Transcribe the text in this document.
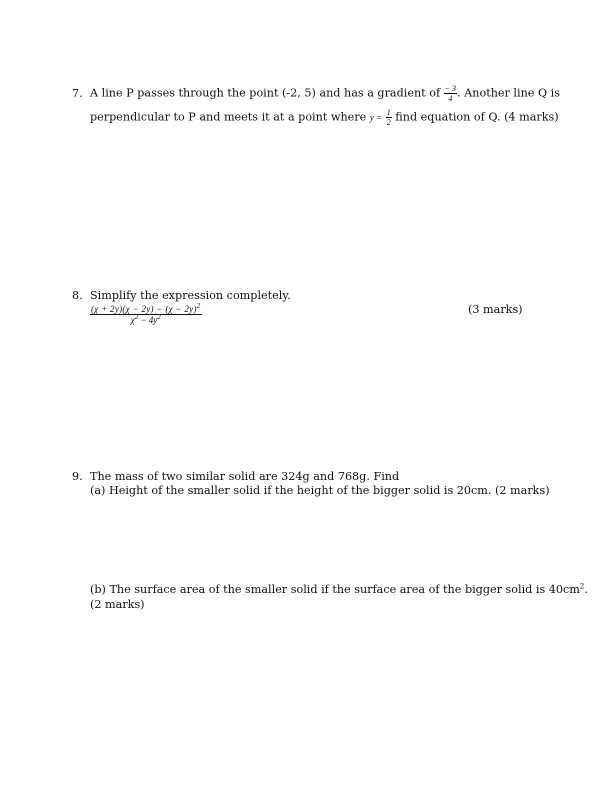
7. A line P passes through the point (-2, 5) and has a gradient of $\frac{- 3}{4}$ . Another line Q is
perpendicular to P and meets it at a point where $y = \frac{1}{2}$ find equation of Q. (4 marks)
8. Simplify the expression completely.
$\frac{(\chi + 2y)(\chi - 2y) - (\chi - 2y)^2}{\chi^2 - 4y^2}$	(3 marks)
9. The mass of two similar solid are 324g and 768g. Find
(a) Height of the smaller solid if the height of the bigger solid is 20cm. (2 marks)
(b) The surface area of the smaller solid if the surface area of the bigger solid is $40cm^2$.
(2 marks)
